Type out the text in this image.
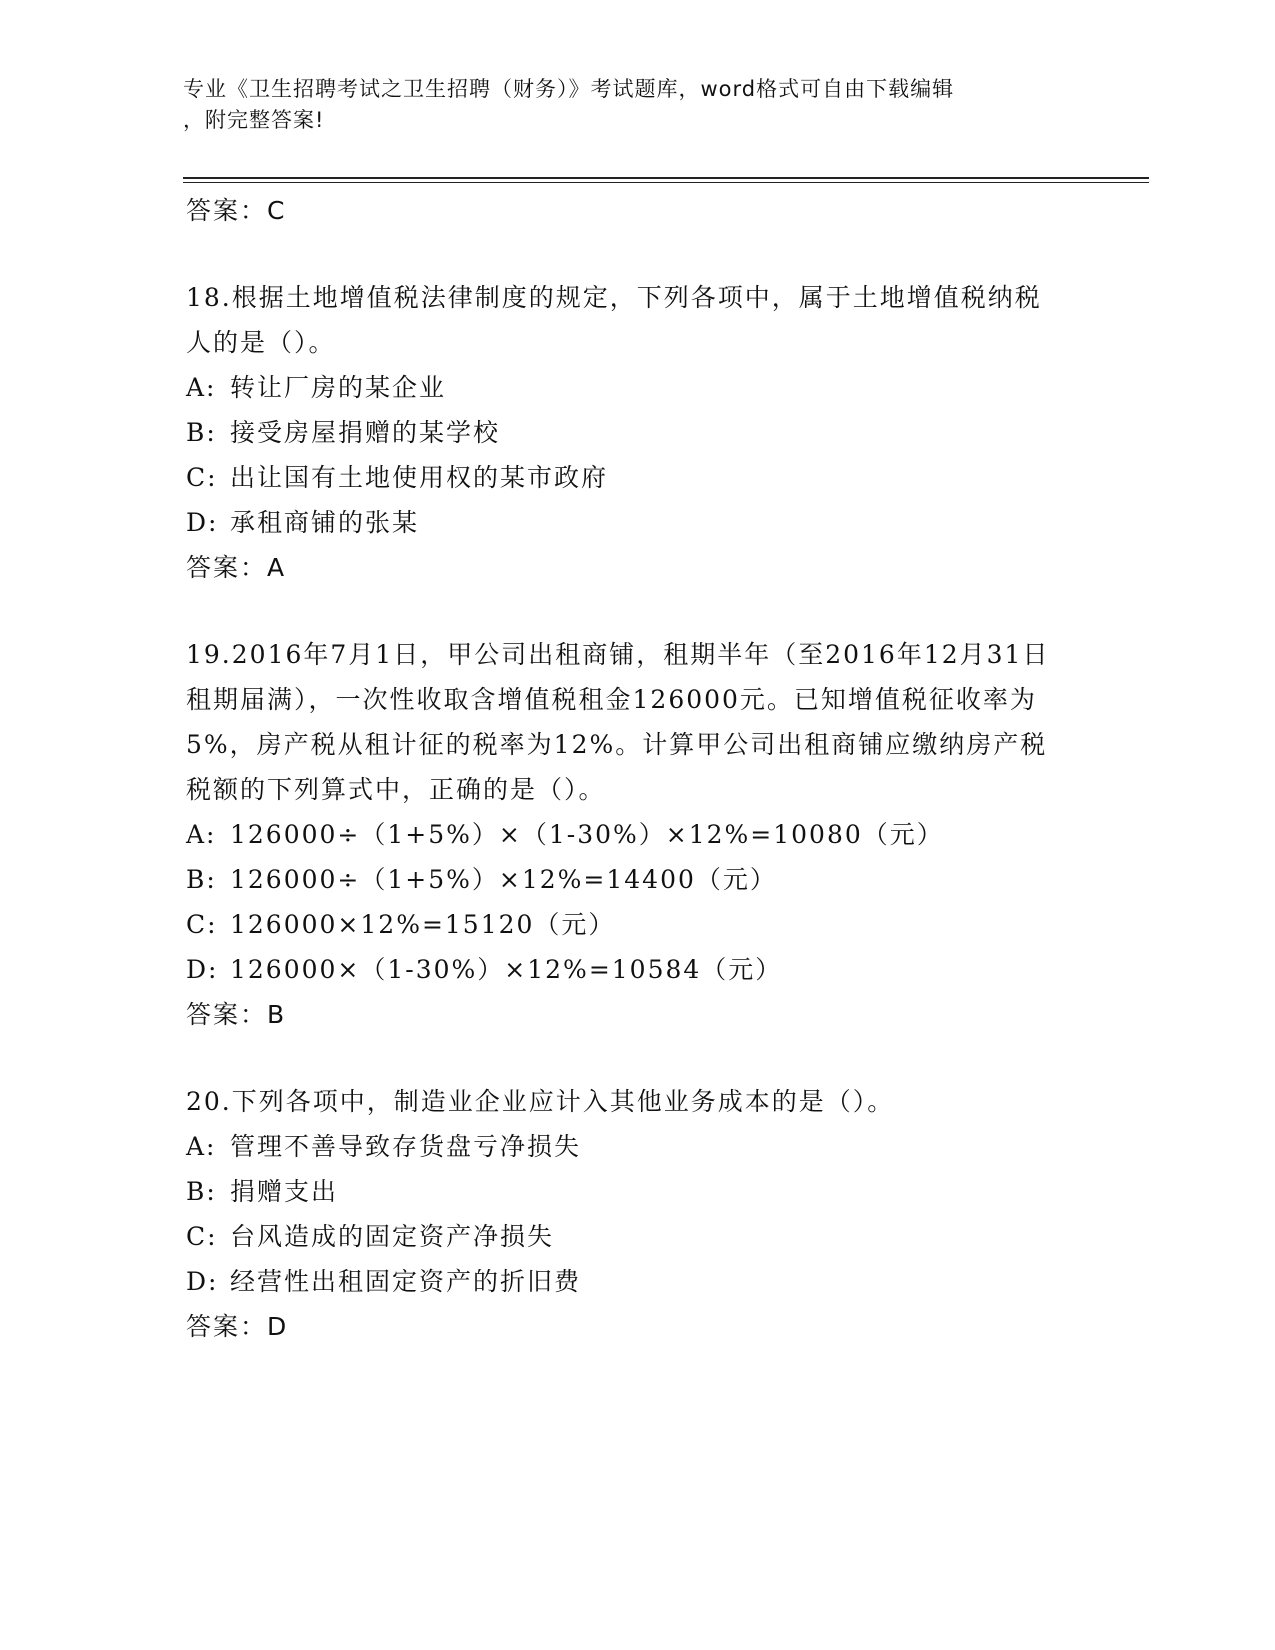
专业《卫生招聘考试之卫生招聘（财务）》考试题库，word格式可自由下载编辑
，附完整答案!
答案：C
18.根据土地增值税法律制度的规定，下列各项中，属于土地增值税纳税人的是（）。
A: 转让厂房的某企业
B: 接受房屋捐赠的某学校
C: 出让国有土地使用权的某市政府
D: 承租商铺的张某
答案：A
19.2016年7月1日，甲公司出租商铺，租期半年（至2016年12月31日租期届满），一次性收取含增值税租金126000元。已知增值税征收率为5%，房产税从租计征的税率为12%。计算甲公司出租商铺应缴纳房产税税额的下列算式中，正确的是（）。
A: 126000÷（1+5%）×（1-30%）×12%=10080（元）
B: 126000÷（1+5%）×12%=14400（元）
C: 126000×12%=15120（元）
D: 126000×（1-30%）×12%=10584（元）
答案：B
20.下列各项中，制造业企业应计入其他业务成本的是（）。
A: 管理不善导致存货盘亏净损失
B: 捐赠支出
C: 台风造成的固定资产净损失
D: 经营性出租固定资产的折旧费
答案：D
